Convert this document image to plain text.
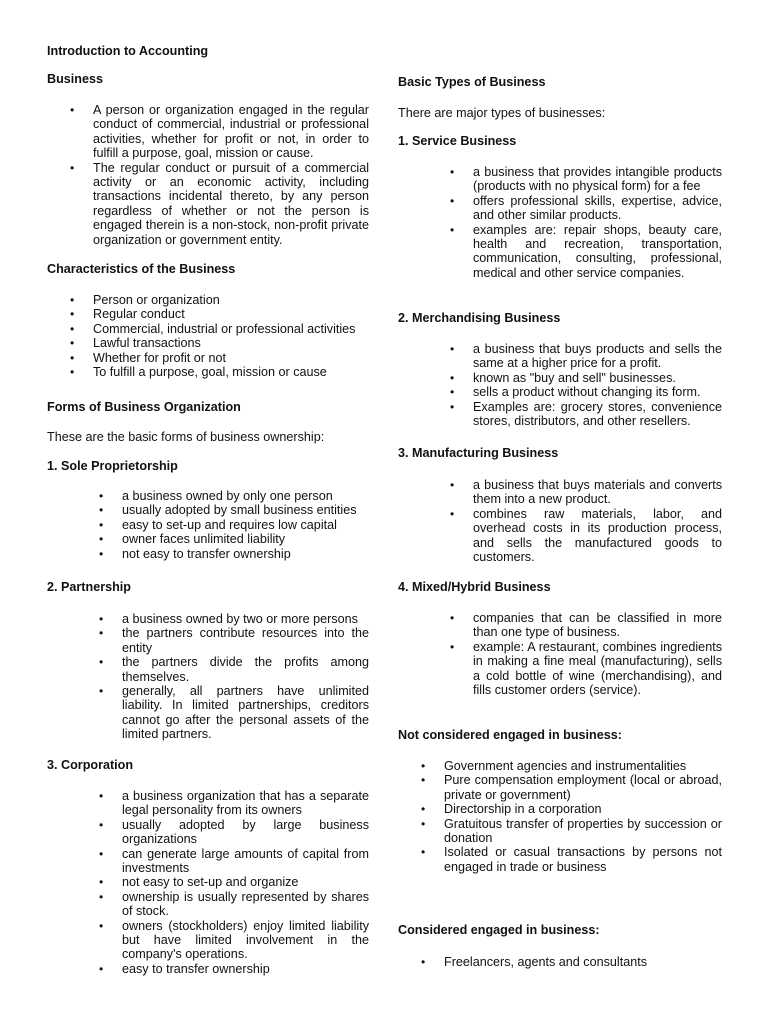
Introduction to Accounting
Business
• A person or organization engaged in the regular conduct of commercial, industrial or professional activities, whether for profit or not, in order to fulfill a purpose, goal, mission or cause.
• The regular conduct or pursuit of a commercial activity or an economic activity, including transactions incidental thereto, by any person regardless of whether or not the person is engaged therein is a non-stock, non-profit private organization or government entity.
Characteristics of the Business
• Person or organization
• Regular conduct
• Commercial, industrial or professional activities
• Lawful transactions
• Whether for profit or not
• To fulfill a purpose, goal, mission or cause
Forms of Business Organization
These are the basic forms of business ownership:
1. Sole Proprietorship
• a business owned by only one person
• usually adopted by small business entities
• easy to set-up and requires low capital
• owner faces unlimited liability
• not easy to transfer ownership
2. Partnership
• a business owned by two or more persons
• the partners contribute resources into the entity
• the partners divide the profits among themselves.
• generally, all partners have unlimited liability. In limited partnerships, creditors cannot go after the personal assets of the limited partners.
3. Corporation
• a business organization that has a separate legal personality from its owners
• usually adopted by large business organizations
• can generate large amounts of capital from investments
• not easy to set-up and organize
• ownership is usually represented by shares of stock.
• owners (stockholders) enjoy limited liability but have limited involvement in the company's operations.
• easy to transfer ownership
Basic Types of Business
There are major types of businesses:
1. Service Business
• a business that provides intangible products (products with no physical form) for a fee
• offers professional skills, expertise, advice, and other similar products.
• examples are: repair shops, beauty care, health and recreation, transportation, communication, consulting, professional, medical and other service companies.
2. Merchandising Business
• a business that buys products and sells the same at a higher price for a profit.
• known as "buy and sell" businesses.
• sells a product without changing its form.
• Examples are: grocery stores, convenience stores, distributors, and other resellers.
3. Manufacturing Business
• a business that buys materials and converts them into a new product.
• combines raw materials, labor, and overhead costs in its production process, and sells the manufactured goods to customers.
4. Mixed/Hybrid Business
• companies that can be classified in more than one type of business.
• example: A restaurant, combines ingredients in making a fine meal (manufacturing), sells a cold bottle of wine (merchandising), and fills customer orders (service).
Not considered engaged in business:
• Government agencies and instrumentalities
• Pure compensation employment (local or abroad, private or government)
• Directorship in a corporation
• Gratuitous transfer of properties by succession or donation
• Isolated or casual transactions by persons not engaged in trade or business
Considered engaged in business:
• Freelancers, agents and consultants
